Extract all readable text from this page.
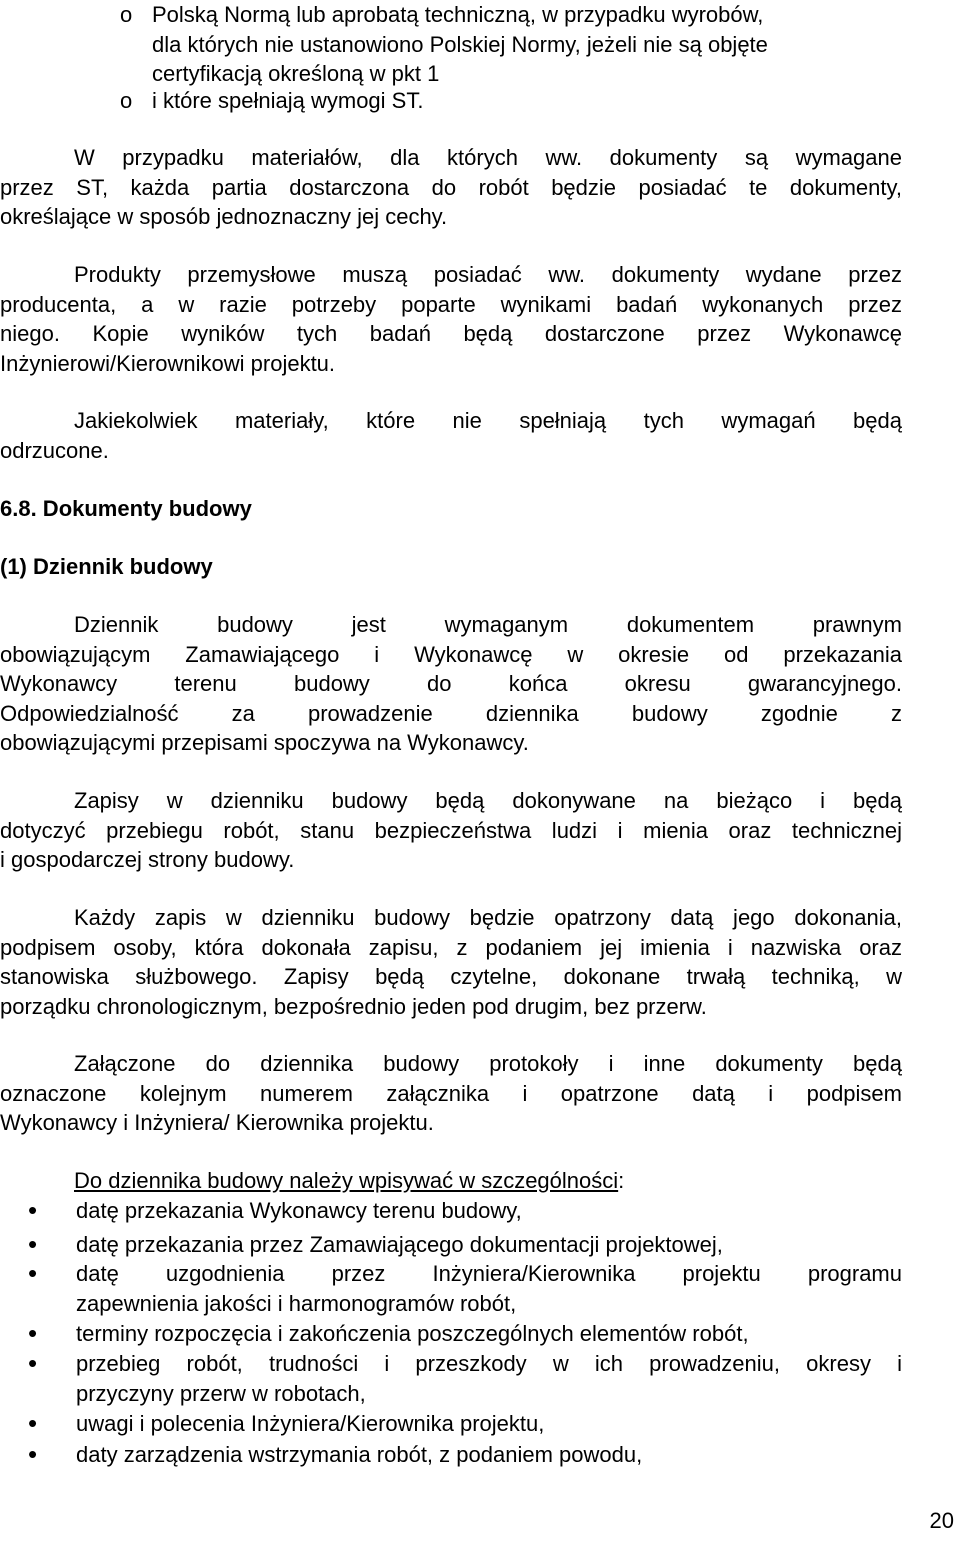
o Polską Normą lub aprobatą techniczną, w przypadku wyrobów,
dla których nie ustanowiono Polskiej Normy, jeżeli nie są objęte
certyfikacją określoną w pkt 1
o i które spełniają wymogi ST.
W przypadku materiałów, dla których ww. dokumenty są wymagane
przez ST, każda partia dostarczona do robót będzie posiadać te dokumenty,
określające w sposób jednoznaczny jej cechy.
Produkty przemysłowe muszą posiadać ww. dokumenty wydane przez
producenta, a w razie potrzeby poparte wynikami badań wykonanych przez
niego. Kopie wyników tych badań będą dostarczone przez Wykonawcę
Inżynierowi/Kierownikowi projektu.
Jakiekolwiek materiały, które nie spełniają tych wymagań będą
odrzucone.
6.8. Dokumenty budowy
(1) Dziennik budowy
Dziennik budowy jest wymaganym dokumentem prawnym
obowiązującym Zamawiającego i Wykonawcę w okresie od przekazania
Wykonawcy terenu budowy do końca okresu gwarancyjnego.
Odpowiedzialność za prowadzenie dziennika budowy zgodnie z
obowiązującymi przepisami spoczywa na Wykonawcy.
Zapisy w dzienniku budowy będą dokonywane na bieżąco i będą
dotyczyć przebiegu robót, stanu bezpieczeństwa ludzi i mienia oraz technicznej
i gospodarczej strony budowy.
Każdy zapis w dzienniku budowy będzie opatrzony datą jego dokonania,
podpisem osoby, która dokonała zapisu, z podaniem jej imienia i nazwiska oraz
stanowiska służbowego. Zapisy będą czytelne, dokonane trwałą techniką, w
porządku chronologicznym, bezpośrednio jeden pod drugim, bez przerw.
Załączone do dziennika budowy protokoły i inne dokumenty będą
oznaczone kolejnym numerem załącznika i opatrzone datą i podpisem
Wykonawcy i Inżyniera/ Kierownika projektu.
Do dziennika budowy należy wpisywać w szczególności:
•	datę przekazania Wykonawcy terenu budowy,
•	datę przekazania przez Zamawiającego dokumentacji projektowej,
•	datę uzgodnienia przez Inżyniera/Kierownika projektu programu
zapewnienia jakości i harmonogramów robót,
•	terminy rozpoczęcia i zakończenia poszczególnych elementów robót,
•	przebieg robót, trudności i przeszkody w ich prowadzeniu, okresy i
przyczyny przerw w robotach,
•	uwagi i polecenia Inżyniera/Kierownika projektu,
•	daty zarządzenia wstrzymania robót, z podaniem powodu,
20
